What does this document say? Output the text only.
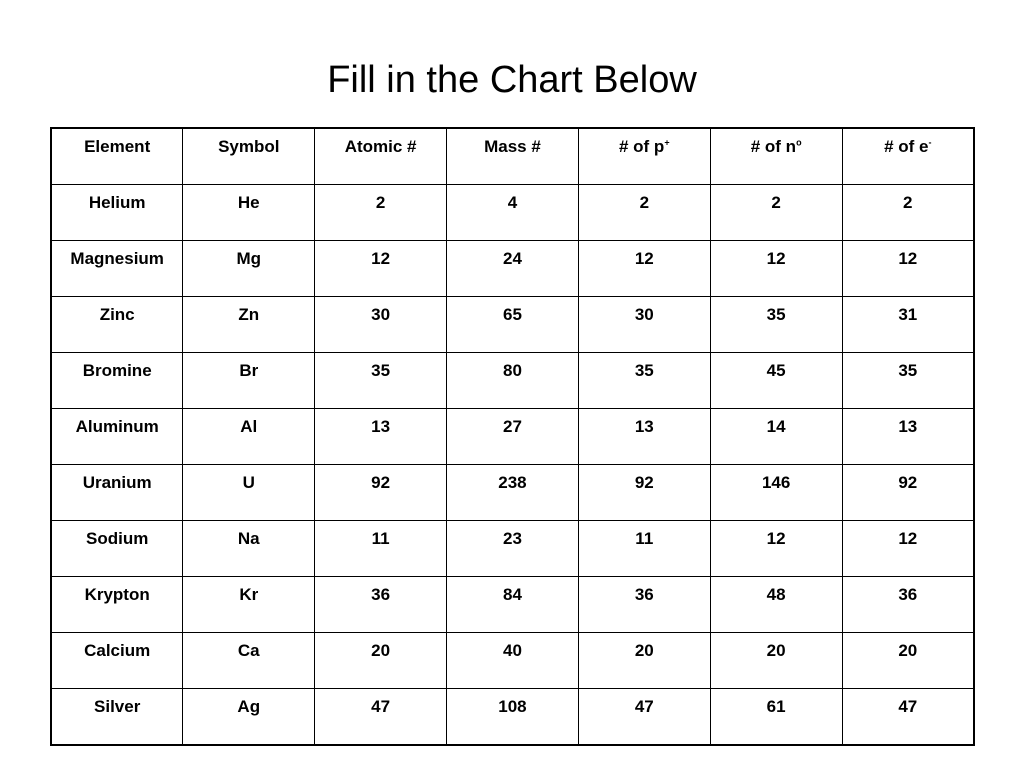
Fill in the Chart Below
Element	Symbol	Atomic #	Mass #	# of p+	# of $n^o$	# of e-
Helium	He	2	4	2	2	2
Magnesium	Mg	12	24	12	12	12
Zinc	Zn	30	65	30	35	31
Bromine	Br	35	80	35	45	35
Aluminum	Al	13	27	13	14	13
Uranium	U	92	238	92	146	92
Sodium	Na	11	23	11	12	12
Krypton	Kr	36	84	36	48	36
Calcium	Ca	20	40	20	20	20
Silver	Ag	47	108	47	61	47
